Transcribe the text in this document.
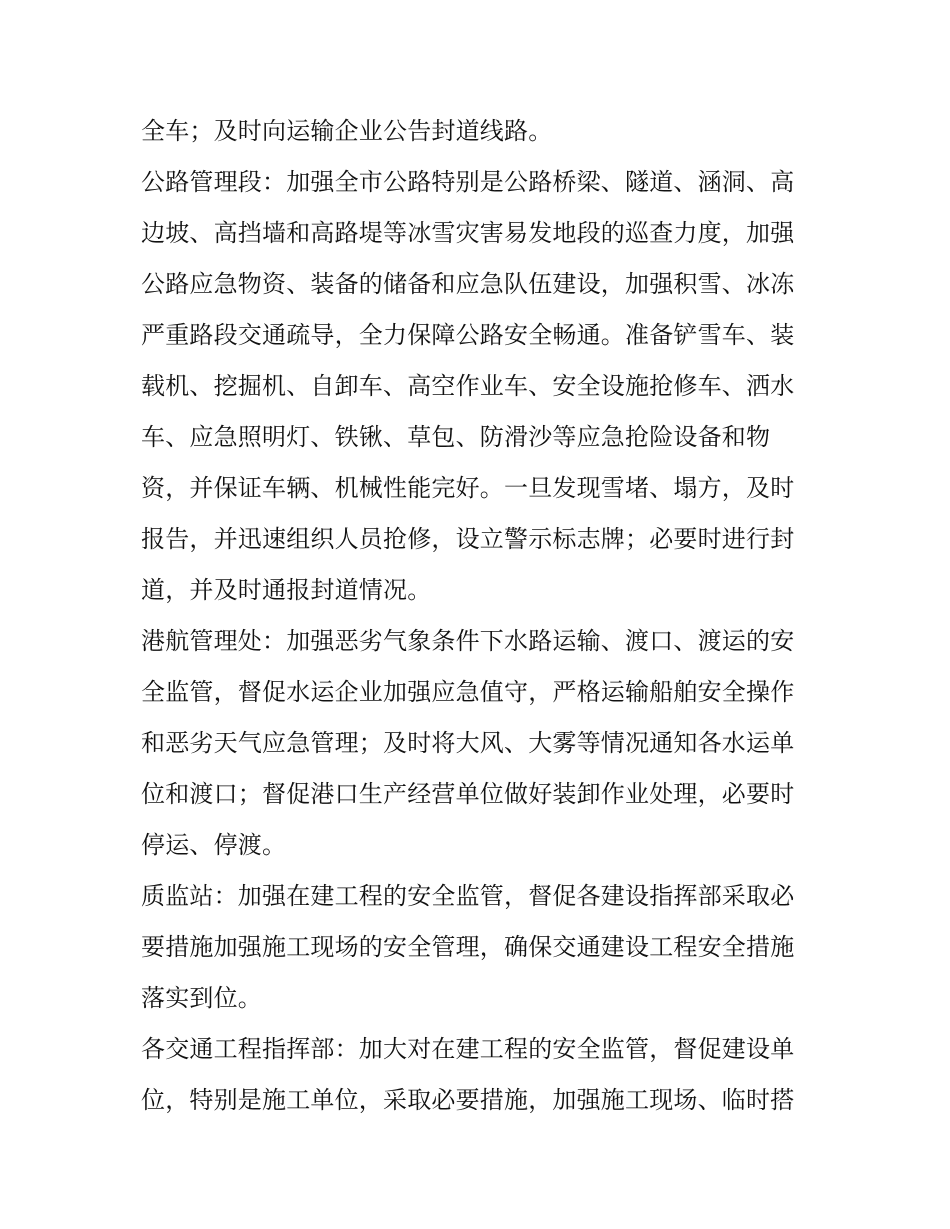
全车；及时向运输企业公告封道线路。
公路管理段：加强全市公路特别是公路桥梁、隧道、涵洞、高
边坡、高挡墙和高路堤等冰雪灾害易发地段的巡查力度，加强
公路应急物资、装备的储备和应急队伍建设，加强积雪、冰冻
严重路段交通疏导，全力保障公路安全畅通。准备铲雪车、装
载机、挖掘机、自卸车、高空作业车、安全设施抢修车、洒水
车、应急照明灯、铁锹、草包、防滑沙等应急抢险设备和物
资，并保证车辆、机械性能完好。一旦发现雪堵、塌方，及时
报告，并迅速组织人员抢修，设立警示标志牌；必要时进行封
道，并及时通报封道情况。
港航管理处：加强恶劣气象条件下水路运输、渡口、渡运的安
全监管，督促水运企业加强应急值守，严格运输船舶安全操作
和恶劣天气应急管理；及时将大风、大雾等情况通知各水运单
位和渡口；督促港口生产经营单位做好装卸作业处理，必要时
停运、停渡。
质监站：加强在建工程的安全监管，督促各建设指挥部采取必
要措施加强施工现场的安全管理，确保交通建设工程安全措施
落实到位。
各交通工程指挥部：加大对在建工程的安全监管，督促建设单
位，特别是施工单位，采取必要措施，加强施工现场、临时搭
